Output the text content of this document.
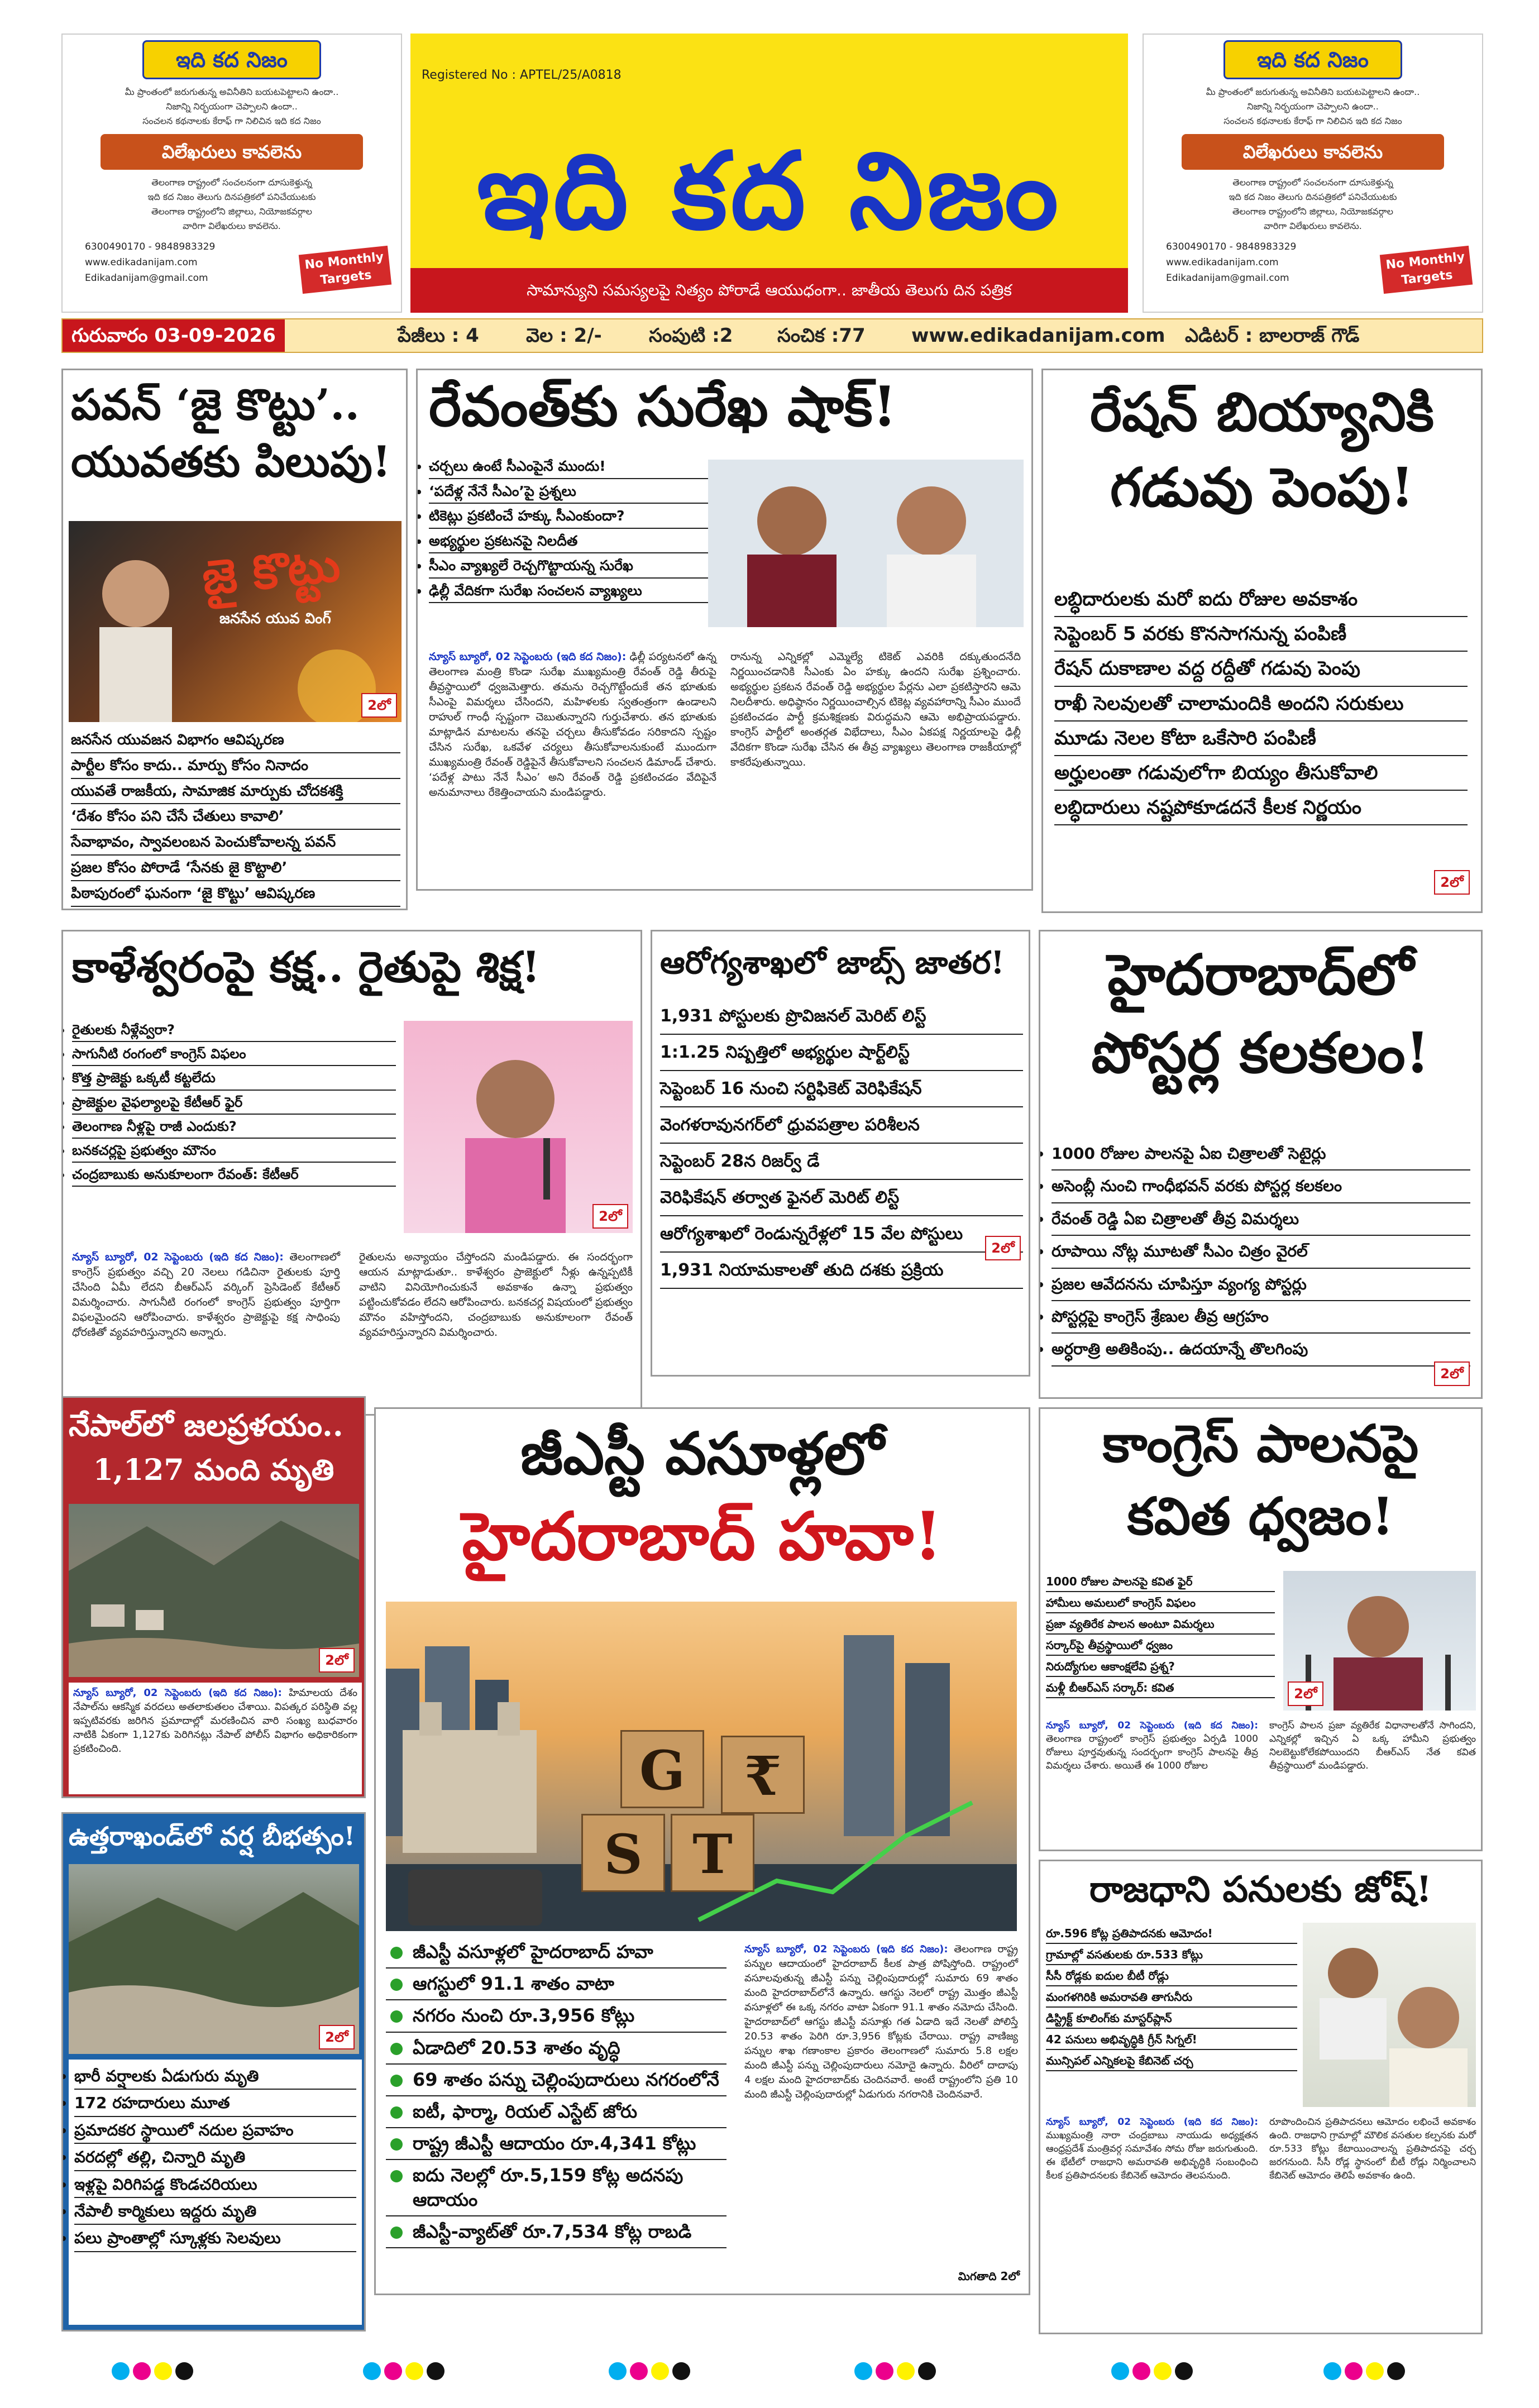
ఇది కద నిజం
మీ ప్రాంతంలో జరుగుతున్న అవినీతిని బయటపెట్టాలని ఉందా..
నిజాన్ని నిర్భయంగా చెప్పాలని ఉందా..
సంచలన కథనాలకు కేరాఫ్ గా నిలిచిన ఇది కద నిజం
విలేఖరులు కావలెను
తెలంగాణ రాష్ట్రంలో సంచలనంగా దూసుకెళ్తున్న
ఇది కద నిజం తెలుగు దినపత్రికలో పనిచేయుటకు
తెలంగాణ రాష్ట్రంలోని జిల్లాలు, నియోజకవర్గాల
వారిగా విలేఖరులు కావలెను.
6300490170 - 9848983329
www.edikadanijam.com
Edikadanijam@gmail.com
No Monthly Targets
Registered No : APTEL/25/A0818
ఇది కద నిజం
సామాన్యుని సమస్యలపై నిత్యం పోరాడే ఆయుధంగా.. జాతీయ తెలుగు దిన పత్రిక
ఇది కద నిజం
మీ ప్రాంతంలో జరుగుతున్న అవినీతిని బయటపెట్టాలని ఉందా..
నిజాన్ని నిర్భయంగా చెప్పాలని ఉందా..
సంచలన కథనాలకు కేరాఫ్ గా నిలిచిన ఇది కద నిజం
విలేఖరులు కావలెను
తెలంగాణ రాష్ట్రంలో సంచలనంగా దూసుకెళ్తున్న
ఇది కద నిజం తెలుగు దినపత్రికలో పనిచేయుటకు
తెలంగాణ రాష్ట్రంలోని జిల్లాలు, నియోజకవర్గాల
వారిగా విలేఖరులు కావలెను.
6300490170 - 9848983329
www.edikadanijam.com
Edikadanijam@gmail.com
No Monthly Targets
గురువారం 03-09-2026	పేజీలు : 4 వెల : 2/- సంపుటి :2 సంచిక :77 www.edikadanijam.com ఎడిటర్ : బాలరాజ్ గౌడ్
పవన్ ‘జై కొట్టు’..
యువతకు పిలుపు!
జై కొట్టు
జనసేన యువ వింగ్
2లో
• జనసేన యువజన విభాగం ఆవిష్కరణ
• పార్టీల కోసం కాదు.. మార్పు కోసం నినాదం
• యువతే రాజకీయ, సామాజిక మార్పుకు చోదకశక్తి
• ‘దేశం కోసం పని చేసే చేతులు కావాలి’
• సేవాభావం, స్వావలంబన పెంచుకోవాలన్న పవన్
• ప్రజల కోసం పోరాడే ‘సేనకు జై కొట్టాలి’
• పిఠాపురంలో ఘనంగా ‘జై కొట్టు’ ఆవిష్కరణ
రేవంత్‌కు సురేఖ షాక్!
• చర్చలు ఉంటే సీఎంపైనే ముందు!
• ‘పదేళ్ల నేనే సీఎం’పై ప్రశ్నలు
• టికెట్లు ప్రకటించే హక్కు సీఎంకుందా?
• అభ్యర్థుల ప్రకటనపై నిలదీత
• సీఎం వ్యాఖ్యలే రెచ్చగొట్టాయన్న సురేఖ
• ఢిల్లీ వేదికగా సురేఖ సంచలన వ్యాఖ్యలు
న్యూస్ బ్యూరో, 02 సెప్టెంబరు (ఇది కద నిజం): ఢిల్లీ పర్యటనలో ఉన్న తెలంగాణ మంత్రి కొండా సురేఖ ముఖ్యమంత్రి రేవంత్ రెడ్డి తీరుపై తీవ్రస్థాయిలో ధ్వజమెత్తారు. తమను రెచ్చగొట్టేందుకే తన భూతుకు సీఎంపై విమర్శలు చేసిందని, మహిళలకు స్వతంత్రంగా ఉండాలని రాహుల్ గాంధీ స్పష్టంగా చెబుతున్నారని గుర్తుచేశారు. తన భూతుకు మాట్లాడిన మాటలను తనపై చర్చలు తీసుకోవడం సరికాదని స్పష్టం చేసిన సురేఖ, ఒకవేళ చర్యలు తీసుకోవాలనుకుంటే ముందుగా ముఖ్యమంత్రి రేవంత్ రెడ్డిపైనే తీసుకోవాలని సంచలన డిమాండ్ చేశారు. ‘పదేళ్ల పాటు నేనే సీఎం’ అని రేవంత్ రెడ్డి ప్రకటించడం వేదిపైనే అనుమానాలు రేకెత్తించాయని మండిపడ్డారు.
రానున్న ఎన్నికల్లో ఎమ్మెల్యే టికెట్ ఎవరికి దక్కుతుందనేది నిర్ణయించడానికి సీఎంకు ఏం హక్కు ఉందని సురేఖ ప్రశ్నించారు. అభ్యర్థుల ప్రకటన రేవంత్ రెడ్డి అభ్యర్థుల పేర్లను ఎలా ప్రకటిస్తారని ఆమె నిలదీశారు. అధిష్ఠానం నిర్ణయించాల్సిన టికెట్ల వ్యవహారాన్ని సీఎం ముందే ప్రకటించడం పార్టీ క్రమశిక్షణకు విరుద్ధమని ఆమె అభిప్రాయపడ్డారు. కాంగ్రెస్ పార్టీలో అంతర్గత విభేదాలు, సీఎం ఏకపక్ష నిర్ణయాలపై ఢిల్లీ వేదికగా కొండా సురేఖ చేసిన ఈ తీవ్ర వ్యాఖ్యలు తెలంగాణ రాజకీయాల్లో కాకరేపుతున్నాయి.
రేషన్ బియ్యానికి
గడువు పెంపు!
లబ్ధిదారులకు మరో ఐదు రోజుల అవకాశం
సెప్టెంబర్ 5 వరకు కొనసాగనున్న పంపిణీ
రేషన్ దుకాణాల వద్ద రద్దీతో గడువు పెంపు
రాఖీ సెలవులతో చాలామందికి అందని సరుకులు
మూడు నెలల కోటా ఒకేసారి పంపిణీ
అర్హులంతా గడువులోగా బియ్యం తీసుకోవాలి
లబ్ధిదారులు నష్టపోకూడదనే కీలక నిర్ణయం
2లో
కాళేశ్వరంపై కక్ష.. రైతుపై శిక్ష!
• రైతులకు నీళ్లేవ్వరా?
• సాగునీటి రంగంలో కాంగ్రెస్ విఫలం
• కొత్త ప్రాజెక్టు ఒక్కటీ కట్టలేదు
• ప్రాజెక్టుల వైఫల్యాలపై కేటీఆర్ ఫైర్
• తెలంగాణ నీళ్లపై రాజీ ఎందుకు?
• బనకచర్లపై ప్రభుత్వం మౌనం
• చంద్రబాబుకు అనుకూలంగా రేవంత్: కేటీఆర్
2లో
న్యూస్ బ్యూరో, 02 సెప్టెంబరు (ఇది కద నిజం): తెలంగాణలో కాంగ్రెస్ ప్రభుత్వం వచ్చి 20 నెలలు గడిచినా రైతులకు పూర్తి చేసింది ఏమీ లేదని బీఆర్ఎస్ వర్కింగ్ ప్రెసిడెంట్ కేటీఆర్ విమర్శించారు. సాగునీటి రంగంలో కాంగ్రెస్ ప్రభుత్వం పూర్తిగా విఫలమైందని ఆరోపించారు. కాళేశ్వరం ప్రాజెక్టుపై కక్ష సాధింపు ధోరణితో వ్యవహరిస్తున్నారని అన్నారు.
రైతులను అన్యాయం చేస్తోందని మండిపడ్డారు. ఈ సందర్భంగా ఆయన మాట్లాడుతూ.. కాళేశ్వరం ప్రాజెక్టులో నీళ్లు ఉన్నప్పటికీ వాటిని వినియోగించుకునే అవకాశం ఉన్నా ప్రభుత్వం పట్టించుకోవడం లేదని ఆరోపించారు. బనకచర్ల విషయంలో ప్రభుత్వం మౌనం వహిస్తోందని, చంద్రబాబుకు అనుకూలంగా రేవంత్ వ్యవహరిస్తున్నారని విమర్శించారు.
ఆరోగ్యశాఖలో జాబ్స్ జాతర!
• 1,931 పోస్టులకు ప్రొవిజనల్ మెరిట్ లిస్ట్
• 1:1.25 నిష్పత్తిలో అభ్యర్థుల షార్ట్‌లిస్ట్
• సెప్టెంబర్ 16 నుంచి సర్టిఫికెట్ వెరిఫికేషన్
• వెంగళరావునగర్‌లో ధ్రువపత్రాల పరిశీలన
• సెప్టెంబర్ 28న రిజర్వ్ డే
• వెరిఫికేషన్ తర్వాత ఫైనల్ మెరిట్ లిస్ట్
• ఆరోగ్యశాఖలో రెండున్నరేళ్లలో 15 వేల పోస్టులు
• 1,931 నియామకాలతో తుది దశకు ప్రక్రియ
2లో
హైదరాబాద్‌లో
పోస్టర్ల కలకలం!
• 1000 రోజుల పాలనపై ఏఐ చిత్రాలతో సెటైర్లు
• అసెంబ్లీ నుంచి గాంధీభవన్ వరకు పోస్టర్ల కలకలం
• రేవంత్ రెడ్డి ఏఐ చిత్రాలతో తీవ్ర విమర్శలు
• రూపాయి నోట్ల మూటతో సీఎం చిత్రం వైరల్
• ప్రజల ఆవేదనను చూపిస్తూ వ్యంగ్య పోస్టర్లు
• పోస్టర్లపై కాంగ్రెస్ శ్రేణుల తీవ్ర ఆగ్రహం
• అర్ధరాత్రి అతికింపు.. ఉదయాన్నే తొలగింపు
2లో
నేపాల్‌లో జలప్రళయం..
1,127 మంది మృతి
2లో
న్యూస్ బ్యూరో, 02 సెప్టెంబరు (ఇది కద నిజం): హిమాలయ దేశం నేపాల్‌ను ఆకస్మిక వరదలు అతలాకుతలం చేశాయి. విపత్కర పరిస్థితి వల్ల ఇప్పటివరకు జరిగిన ప్రమాదాల్లో మరణించిన వారి సంఖ్య బుధవారం నాటికి ఏకంగా 1,127కు పెరిగినట్లు నేపాల్ పోలీస్ విభాగం అధికారికంగా ప్రకటించింది.
ఉత్తరాఖండ్‌లో వర్ష బీభత్సం!
2లో
• భారీ వర్షాలకు ఏడుగురు మృతి
• 172 రహదారులు మూత
• ప్రమాదకర స్థాయిలో నదుల ప్రవాహం
• వరదల్లో తల్లి, చిన్నారి మృతి
• ఇళ్లపై విరిగిపడ్డ కొండచరియలు
• నేపాలీ కార్మికులు ఇద్దరు మృతి
• పలు ప్రాంతాల్లో స్కూళ్లకు సెలవులు
జీఎస్టీ వసూళ్లలో
హైదరాబాద్ హవా!
G
S T
₹
జీఎస్టీ వసూళ్లలో హైదరాబాద్ హవా
ఆగస్టులో 91.1 శాతం వాటా
నగరం నుంచి రూ.3,956 కోట్లు
ఏడాదిలో 20.53 శాతం వృద్ధి
69 శాతం పన్ను చెల్లింపుదారులు నగరంలోనే
ఐటీ, ఫార్మా, రియల్ ఎస్టేట్ జోరు
రాష్ట్ర జీఎస్టీ ఆదాయం రూ.4,341 కోట్లు
ఐదు నెలల్లో రూ.5,159 కోట్ల అదనపు ఆదాయం
జీఎస్టీ-వ్యాట్‌తో రూ.7,534 కోట్ల రాబడి
న్యూస్ బ్యూరో, 02 సెప్టెంబరు (ఇది కద నిజం): తెలంగాణ రాష్ట్ర పన్నుల ఆదాయంలో హైదరాబాద్ కీలక పాత్ర పోషిస్తోంది. రాష్ట్రంలో వసూలవుతున్న జీఎస్టీ పన్ను చెల్లింపుదారుల్లో సుమారు 69 శాతం మంది హైదరాబాద్‌లోనే ఉన్నారు. ఆగస్టు నెలలో రాష్ట్ర మొత్తం జీఎస్టీ వసూళ్లలో ఈ ఒక్క నగరం వాటా ఏకంగా 91.1 శాతం నమోదు చేసింది. హైదరాబాద్‌లో ఆగస్టు జీఎస్టీ వసూళ్లు గత ఏడాది ఇదే నెలతో పోలిస్తే 20.53 శాతం పెరిగి రూ.3,956 కోట్లకు చేరాయి. రాష్ట్ర వాణిజ్య పన్నుల శాఖ గణాంకాల ప్రకారం తెలంగాణలో సుమారు 5.8 లక్షల మంది జీఎస్టీ పన్ను చెల్లింపుదారులు నమోదై ఉన్నారు. వీరిలో దాదాపు 4 లక్షల మంది హైదరాబాద్‌కు చెందినవారే. అంటే రాష్ట్రంలోని ప్రతి 10 మంది జీఎస్టీ చెల్లింపుదారుల్లో ఏడుగురు నగరానికి చెందినవారే.
మిగతాది 2లో
కాంగ్రెస్ పాలనపై
కవిత ధ్వజం!
• 1000 రోజుల పాలనపై కవిత ఫైర్
• హామీలు అమలులో కాంగ్రెస్ విఫలం
• ప్రజా వ్యతిరేక పాలన అంటూ విమర్శలు
• సర్కార్‌పై తీవ్రస్థాయిలో ధ్వజం
• నిరుద్యోగుల ఆకాంక్షలేవి ప్రశ్న?
• మళ్లీ బీఆర్ఎస్ సర్కార్: కవిత	2లో
న్యూస్ బ్యూరో, 02 సెప్టెంబరు (ఇది కద నిజం): తెలంగాణ రాష్ట్రంలో కాంగ్రెస్ ప్రభుత్వం ఏర్పడి 1000 రోజులు పూర్తవుతున్న సందర్భంగా కాంగ్రెస్ పాలనపై తీవ్ర విమర్శలు చేశారు. అయితే ఈ 1000 రోజుల
కాంగ్రెస్ పాలన ప్రజా వ్యతిరేక విధానాలతోనే సాగిందని, ఎన్నికల్లో ఇచ్చిన ఏ ఒక్క హామీని ప్రభుత్వం నిలబెట్టుకోలేకపోయిందని బీఆర్ఎస్ నేత కవిత తీవ్రస్థాయిలో మండిపడ్డారు.
రాజధాని పనులకు జోష్!
• రూ.596 కోట్ల ప్రతిపాదనకు ఆమోదం!
• గ్రామాల్లో వసతులకు రూ.533 కోట్లు
• సీసీ రోడ్లకు ఐదుల బీటీ రోడ్లు
• మంగళగిరికి అమరావతి తాగునీరు
• డిస్ట్రిక్ట్ కూలింగ్‌కు మాస్టర్‌ప్లాన్
• 42 పనులు అభివృద్ధికి గ్రీన్ సిగ్నల్!
• మున్సిపల్ ఎన్నికలపై కేబినెట్ చర్చ
న్యూస్ బ్యూరో, 02 సెప్టెంబరు (ఇది కద నిజం): ముఖ్యమంత్రి నారా చంద్రబాబు నాయుడు అధ్యక్షతన ఆంధ్రప్రదేశ్ మంత్రివర్గ సమావేశం సోమ రోజు జరుగుతుంది. ఈ భేటీలో రాజధాని అమరావతి అభివృద్ధికి సంబంధించి కీలక ప్రతిపాదనలకు కేబినెట్ ఆమోదం తెలపనుంది.
రూపొందించిన ప్రతిపాదనలు ఆమోదం లభించే అవకాశం ఉంది. రాజధాని గ్రామాల్లో మౌలిక వసతుల కల్పనకు మరో రూ.533 కోట్లు కేటాయించాలన్న ప్రతిపాదనపై చర్చ జరగనుంది. సీసీ రోడ్ల స్థానంలో బీటీ రోడ్లు నిర్మించాలని కేబినెట్ ఆమోదం తెలిపే అవకాశం ఉంది.
